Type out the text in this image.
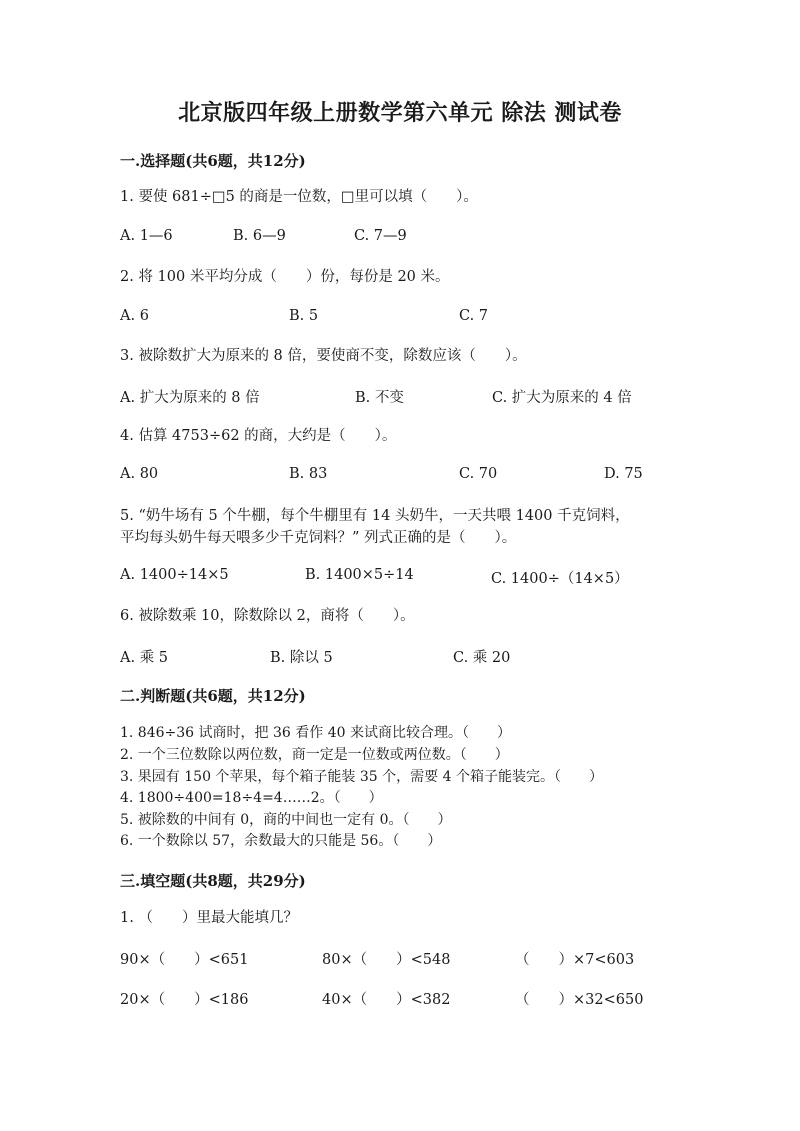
北京版四年级上册数学第六单元 除法 测试卷
一.选择题(共6题，共12分)
1. 要使 681÷□5 的商是一位数，□里可以填（　　）。
A. 1—6	B. 6—9	C. 7—9
2. 将 100 米平均分成（　　）份，每份是 20 米。
A. 6	B. 5	C. 7
3. 被除数扩大为原来的 8 倍，要使商不变，除数应该（　　）。
A. 扩大为原来的 8 倍	B. 不变	C. 扩大为原来的 4 倍
4. 估算 4753÷62 的商，大约是（　　）。
A. 80	B. 83	C. 70	D. 75
5. “奶牛场有 5 个牛棚，每个牛棚里有 14 头奶牛，一天共喂 1400 千克饲料，
平均每头奶牛每天喂多少千克饲料？” 列式正确的是（　　）。
A. 1400÷14×5	B. 1400×5÷14	C. 1400÷（14×5）
6. 被除数乘 10，除数除以 2，商将（　　）。
A. 乘 5	B. 除以 5	C. 乘 20
二.判断题(共6题，共12分)
1. 846÷36 试商时，把 36 看作 40 来试商比较合理。（　　）
2. 一个三位数除以两位数，商一定是一位数或两位数。（　　）
3. 果园有 150 个苹果，每个箱子能装 35 个，需要 4 个箱子能装完。（　　）
4. 1800÷400=18÷4=4……2。（　　）
5. 被除数的中间有 0，商的中间也一定有 0。（　　）
6. 一个数除以 57，余数最大的只能是 56。（　　）
三.填空题(共8题，共29分)
1. （　　）里最大能填几？
90×（　　）<651	80×（　　）<548	（　　）×7<603
20×（　　）<186	40×（　　）<382	（　　）×32<650
